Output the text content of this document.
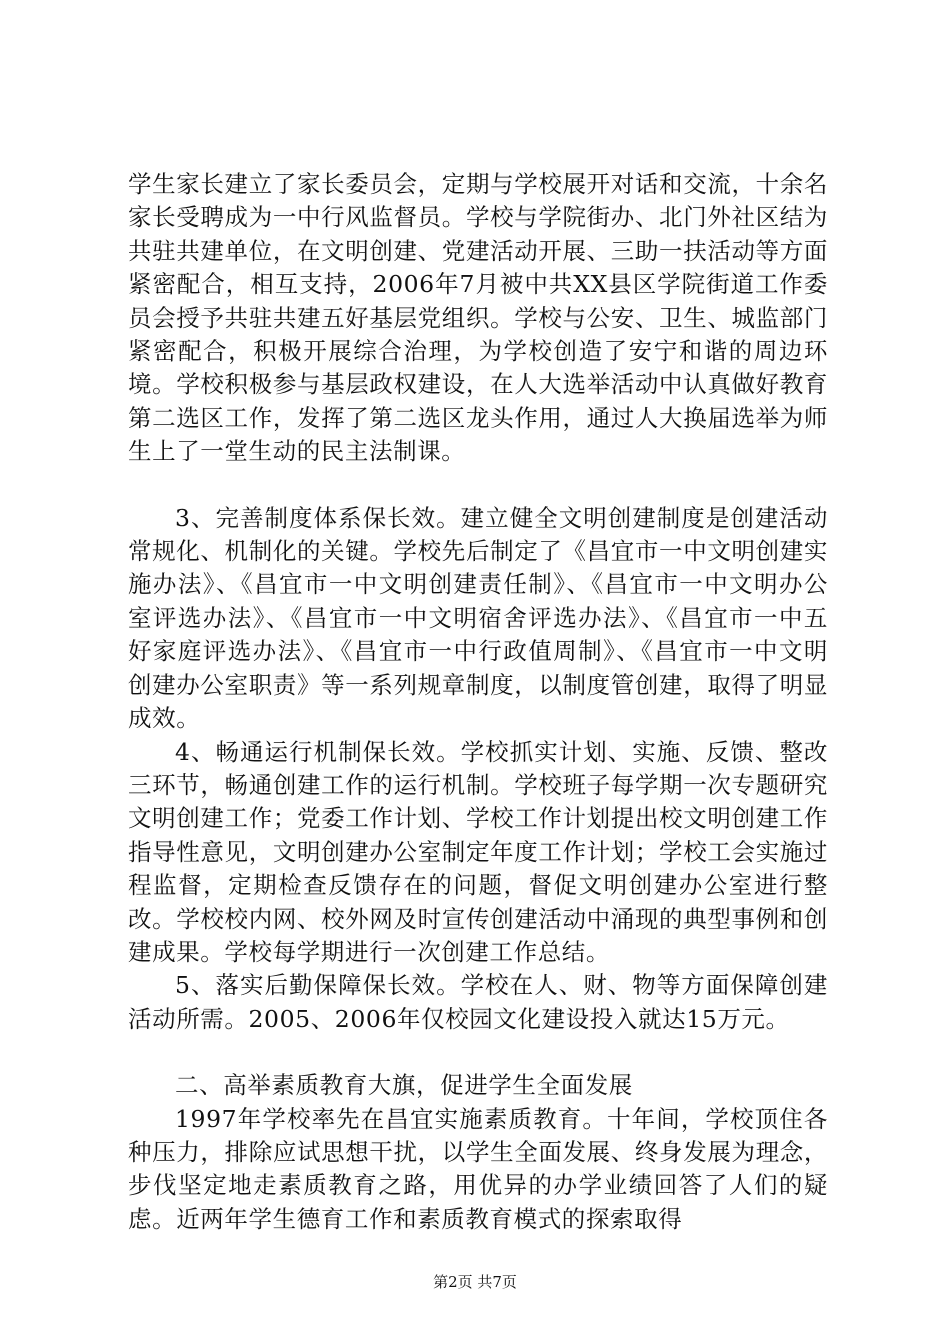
学生家长建立了家长委员会，定期与学校展开对话和交流，十余名家长受聘成为一中行风监督员。学校与学院街办、北门外社区结为共驻共建单位，在文明创建、党建活动开展、三助一扶活动等方面紧密配合，相互支持，2006年7月被中共XX县区学院街道工作委员会授予共驻共建五好基层党组织。学校与公安、卫生、城监部门紧密配合，积极开展综合治理，为学校创造了安宁和谐的周边环境。学校积极参与基层政权建设，在人大选举活动中认真做好教育第二选区工作，发挥了第二选区龙头作用，通过人大换届选举为师生上了一堂生动的民主法制课。

3、完善制度体系保长效。建立健全文明创建制度是创建活动常规化、机制化的关键。学校先后制定了《昌宜市一中文明创建实施办法》、《昌宜市一中文明创建责任制》、《昌宜市一中文明办公室评选办法》、《昌宜市一中文明宿舍评选办法》、《昌宜市一中五好家庭评选办法》、《昌宜市一中行政值周制》、《昌宜市一中文明创建办公室职责》等一系列规章制度，以制度管创建，取得了明显成效。

4、畅通运行机制保长效。学校抓实计划、实施、反馈、整改三环节，畅通创建工作的运行机制。学校班子每学期一次专题研究文明创建工作；党委工作计划、学校工作计划提出校文明创建工作指导性意见，文明创建办公室制定年度工作计划；学校工会实施过程监督，定期检查反馈存在的问题，督促文明创建办公室进行整改。学校校内网、校外网及时宣传创建活动中涌现的典型事例和创建成果。学校每学期进行一次创建工作总结。

5、落实后勤保障保长效。学校在人、财、物等方面保障创建活动所需。2005、2006年仅校园文化建设投入就达15万元。

二、高举素质教育大旗，促进学生全面发展

1997年学校率先在昌宜实施素质教育。十年间，学校顶住各种压力，排除应试思想干扰，以学生全面发展、终身发展为理念，步伐坚定地走素质教育之路，用优异的办学业绩回答了人们的疑虑。近两年学生德育工作和素质教育模式的探索取得

第2页 共7页
